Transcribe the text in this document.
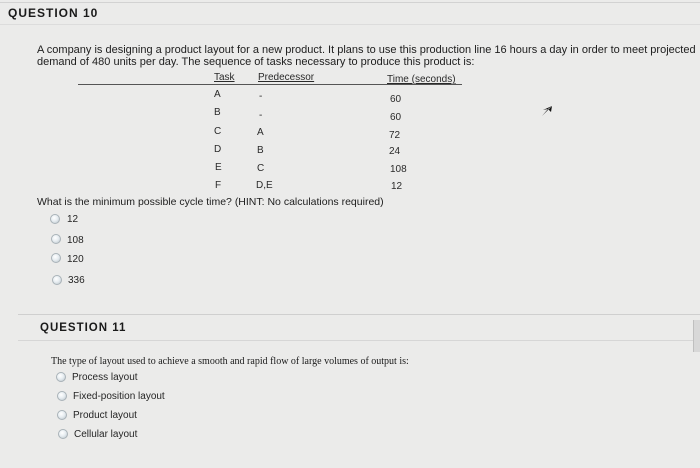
QUESTION 10
A company is designing a product layout for a new product. It plans to use this production line 16 hours a day in order to meet projected
demand of 480 units per day. The sequence of tasks necessary to produce this product is:
Task Predecessor	Time (seconds)
A	-	60
B	-	60
C	A	72
D	B	24
E	C	108
F	D,E	12
What is the minimum possible cycle time? (HINT: No calculations required)
12
108
120
336
QUESTION 11
The type of layout used to achieve a smooth and rapid flow of large volumes of output is:
Process layout
Fixed-position layout
Product layout
Cellular layout
